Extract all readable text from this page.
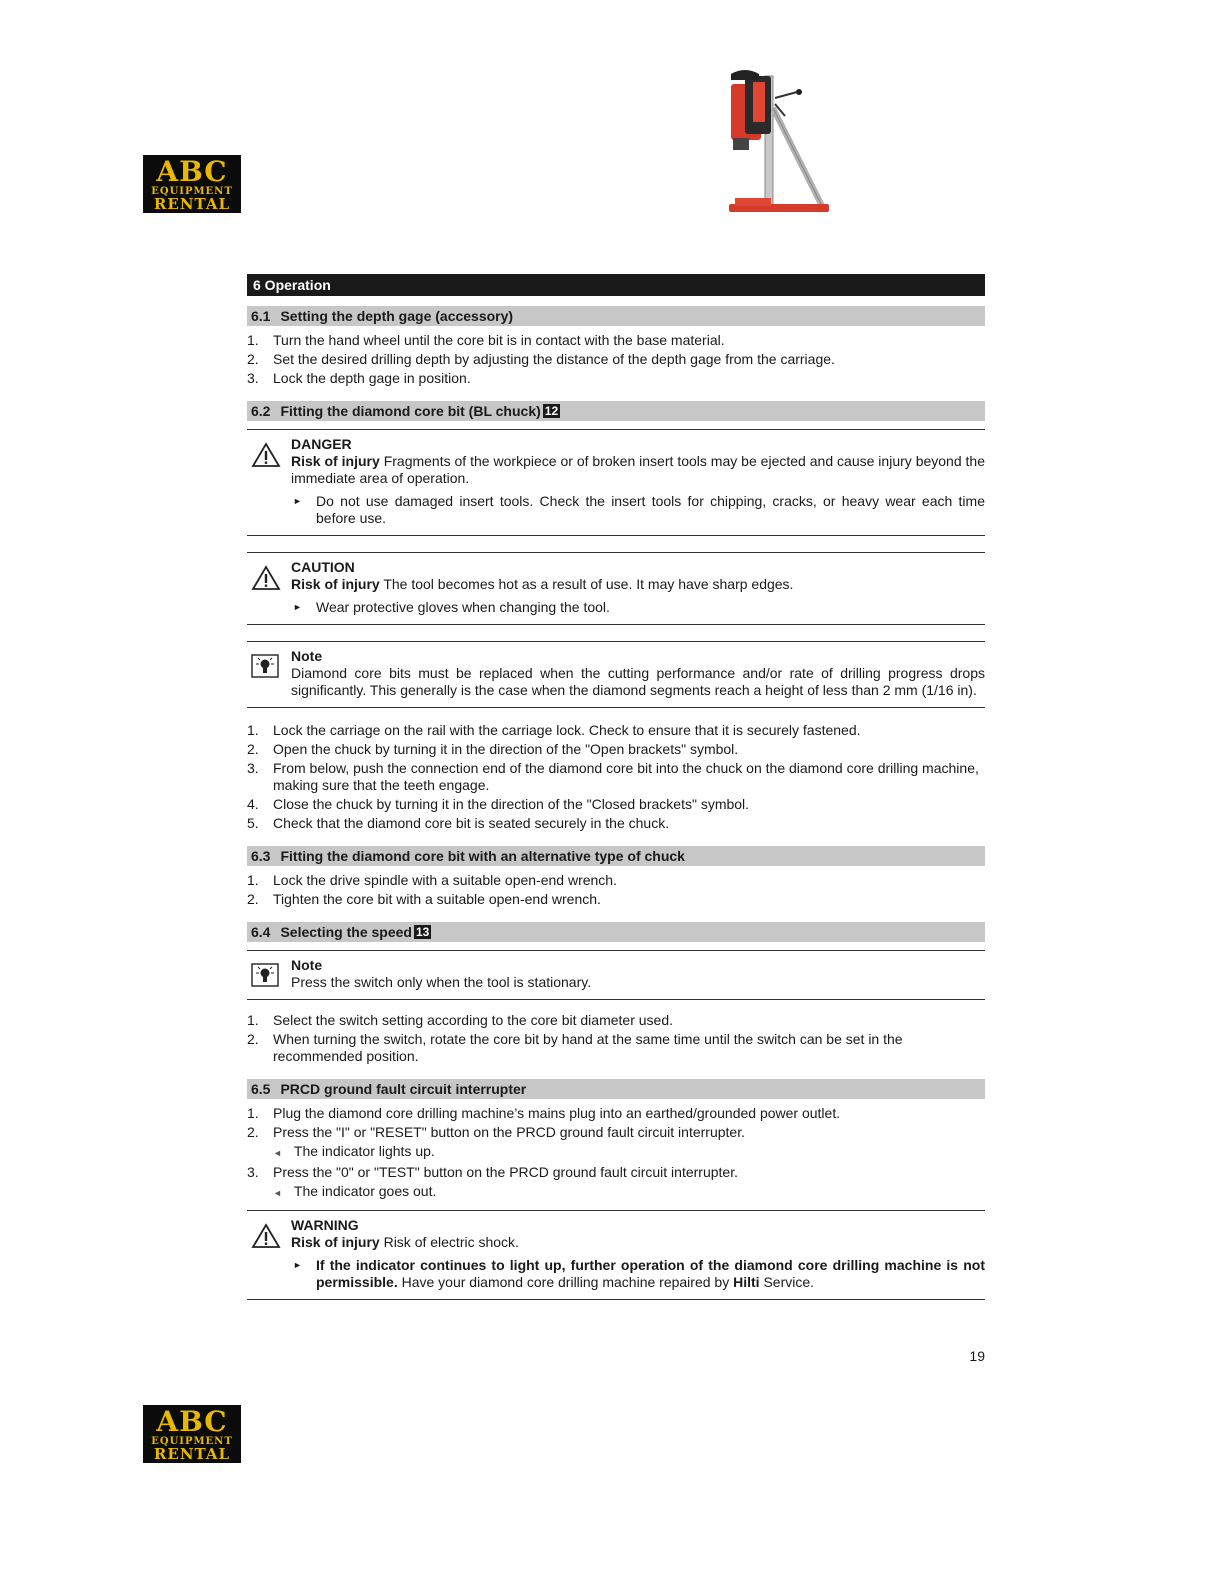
ABC
EQUIPMENT
RENTAL
ABC
EQUIPMENT
RENTAL
6 Operation
6.1 Setting the depth gage (accessory)
1. Turn the hand wheel until the core bit is in contact with the base material.
2. Set the desired drilling depth by adjusting the distance of the depth gage from the carriage.
3. Lock the depth gage in position.
6.2 Fitting the diamond core bit (BL chuck) 12
DANGER

Risk of injury Fragments of the workpiece or of broken insert tools may be ejected and cause injury beyond the immediate area of operation.

► Do not use damaged insert tools. Check the insert tools for chipping, cracks, or heavy wear each time before use.
CAUTION

Risk of injury The tool becomes hot as a result of use. It may have sharp edges.

► Wear protective gloves when changing the tool.
Note

Diamond core bits must be replaced when the cutting performance and/or rate of drilling progress drops significantly. This generally is the case when the diamond segments reach a height of less than 2 mm (1/16 in).

1. Lock the carriage on the rail with the carriage lock. Check to ensure that it is securely fastened.
2. Open the chuck by turning it in the direction of the "Open brackets" symbol.
3. From below, push the connection end of the diamond core bit into the chuck on the diamond core drilling machine, making sure that the teeth engage.
4. Close the chuck by turning it in the direction of the "Closed brackets" symbol.
5. Check that the diamond core bit is seated securely in the chuck.
6.3 Fitting the diamond core bit with an alternative type of chuck
1. Lock the drive spindle with a suitable open-end wrench.
2. Tighten the core bit with a suitable open-end wrench.
6.4 Selecting the speed 13
Note

Press the switch only when the tool is stationary.

1. Select the switch setting according to the core bit diameter used.
2. When turning the switch, rotate the core bit by hand at the same time until the switch can be set in the recommended position.
6.5 PRCD ground fault circuit interrupter
1. Plug the diamond core drilling machine’s mains plug into an earthed/grounded power outlet.
2. Press the "I" or "RESET" button on the PRCD ground fault circuit interrupter.
◄ The indicator lights up.
3. Press the "0" or "TEST" button on the PRCD ground fault circuit interrupter.
◄ The indicator goes out.
WARNING

Risk of injury Risk of electric shock.

► If the indicator continues to light up, further operation of the diamond core drilling machine is not permissible. Have your diamond core drilling machine repaired by Hilti Service.
19
